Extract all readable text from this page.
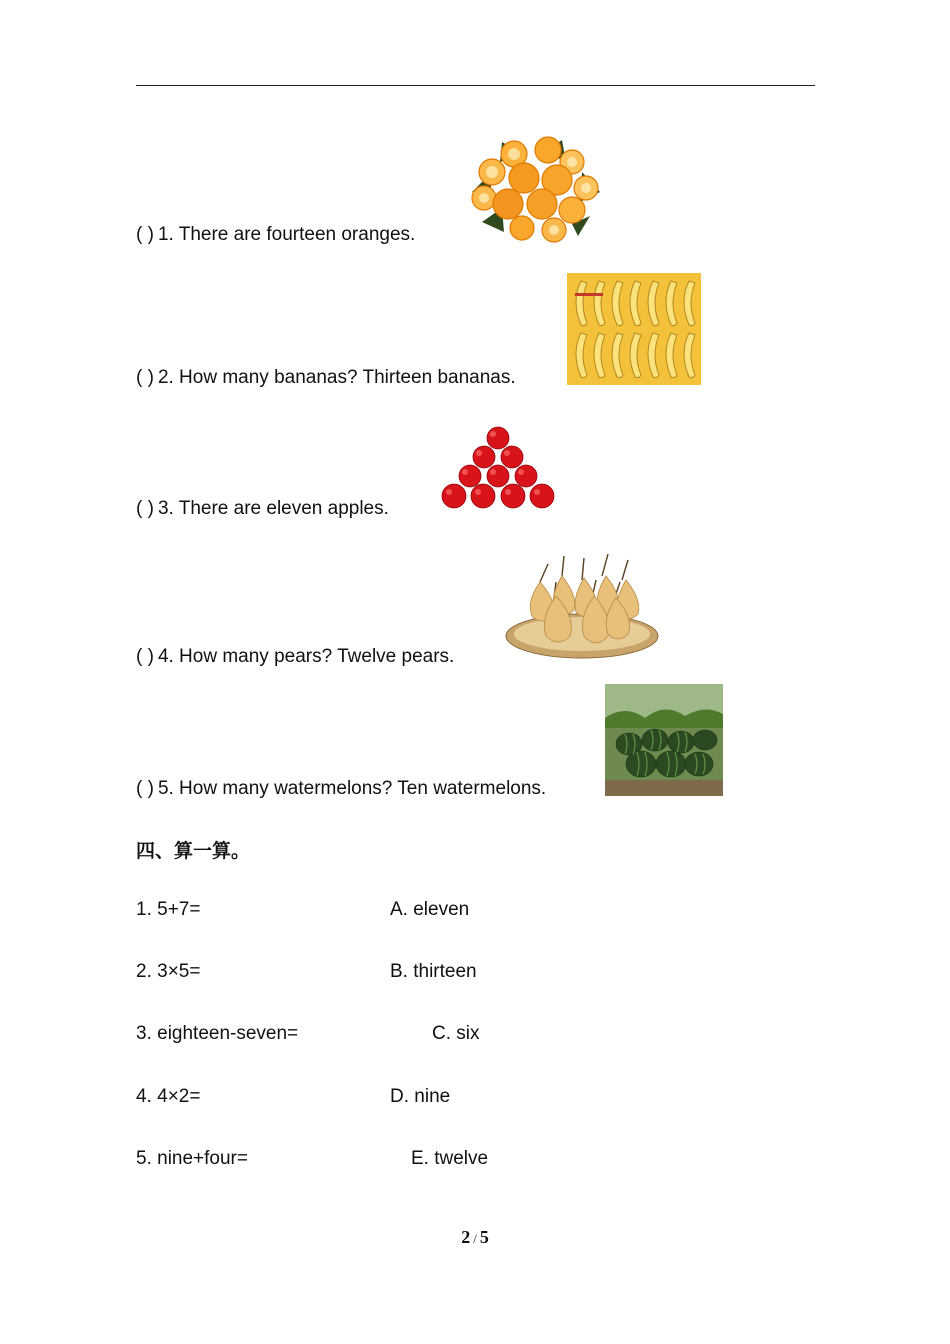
( ) 1. There are fourteen oranges.
( ) 2. How many bananas? Thirteen bananas.
( ) 3. There are eleven apples.
( ) 4. How many pears? Twelve pears.
( ) 5. How many watermelons? Ten watermelons.
四、算一算。
1. 5+7=	A. eleven
2. 3×5=	B. thirteen
3. eighteen-seven=	C. six
4. 4×2=	D. nine
5. nine+four=	E. twelve
2 / 5
